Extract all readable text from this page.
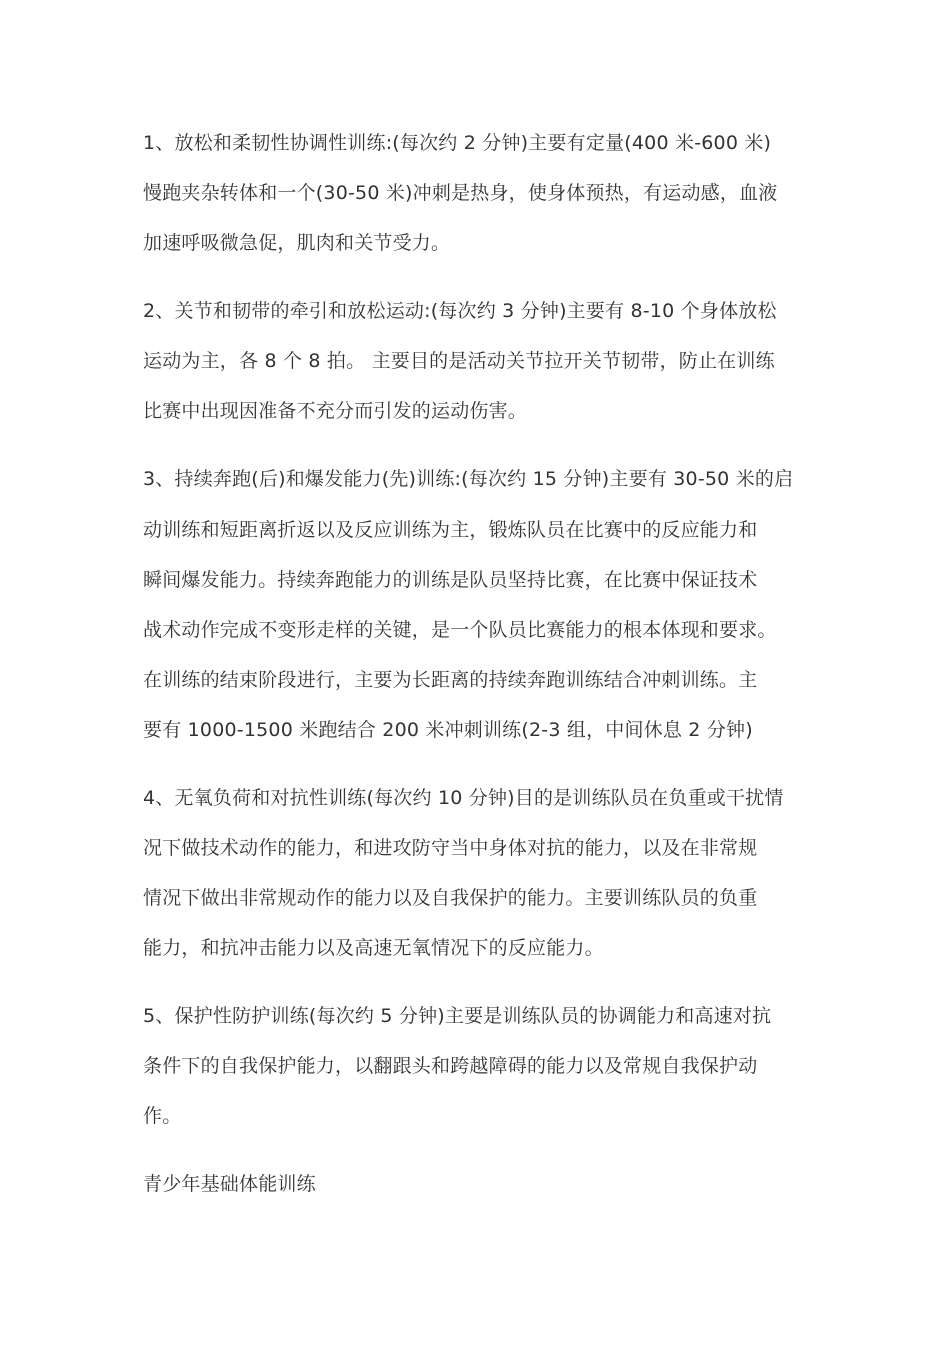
1、放松和柔韧性协调性训练:(每次约 2 分钟)主要有定量(400 米-600 米)
慢跑夹杂转体和一个(30-50 米)冲刺是热身，使身体预热，有运动感，血液
加速呼吸微急促，肌肉和关节受力。
2、关节和韧带的牵引和放松运动:(每次约 3 分钟)主要有 8-10 个身体放松
运动为主，各 8 个 8 拍。 主要目的是活动关节拉开关节韧带，防止在训练
比赛中出现因准备不充分而引发的运动伤害。
3、持续奔跑(后)和爆发能力(先)训练:(每次约 15 分钟)主要有 30-50 米的启
动训练和短距离折返以及反应训练为主，锻炼队员在比赛中的反应能力和
瞬间爆发能力。持续奔跑能力的训练是队员坚持比赛，在比赛中保证技术
战术动作完成不变形走样的关键，是一个队员比赛能力的根本体现和要求。
在训练的结束阶段进行，主要为长距离的持续奔跑训练结合冲刺训练。主
要有 1000-1500 米跑结合 200 米冲刺训练(2-3 组，中间休息 2 分钟)
4、无氧负荷和对抗性训练(每次约 10 分钟)目的是训练队员在负重或干扰情
况下做技术动作的能力，和进攻防守当中身体对抗的能力，以及在非常规
情况下做出非常规动作的能力以及自我保护的能力。主要训练队员的负重
能力，和抗冲击能力以及高速无氧情况下的反应能力。
5、保护性防护训练(每次约 5 分钟)主要是训练队员的协调能力和高速对抗
条件下的自我保护能力，以翻跟头和跨越障碍的能力以及常规自我保护动
作。
青少年基础体能训练
